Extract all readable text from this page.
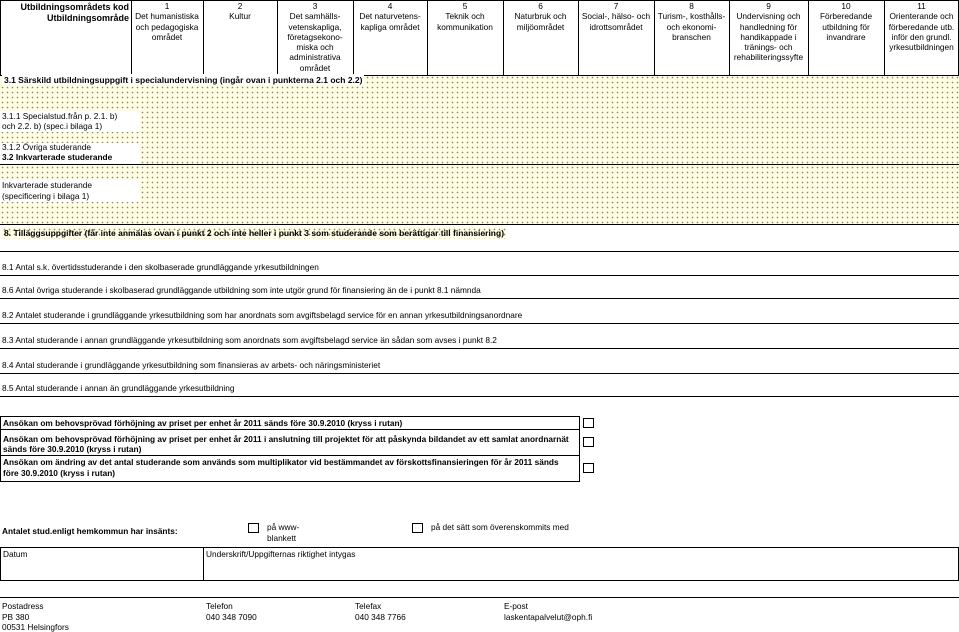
Utbildningsområdets kod
Utbildningsområde
1
Det humanistiska
och pedagogiska
området
2
Kultur
3
Det samhälls-
vetenskapliga,
företagsekono-
miska och
administrativa
området
4
Det naturvetens-
kapliga området
5
Teknik och
kommunikation
6
Naturbruk och
miljöområdet
7
Social-, hälso- och
idrottsområdet
8
Turism-, kosthålls-
och ekonomi-
branschen
9
Undervisning och
handledning för
handikappade i
tränings- och
rehabiliteringssyfte
10
Förberedande
utbildning för
invandrare
11
Orienterande och
förberedande utb.
inför den grundl.
yrkesutbildningen
3.1 Särskild utbildningsuppgift i specialundervisning (ingår ovan i punkterna 2.1 och 2.2)
3.1.1 Specialstud.från p. 2.1. b)
och 2.2. b) (spec.i bilaga 1)
3.1.2 Övriga studerande
3.2 Inkvarterade studerande
Inkvarterade studerande
(specificering i bilaga 1)
8. Tilläggsuppgifter (får inte anmälas ovan i punkt 2 och inte heller i punkt 3 som studerande som berättigar till finansiering)
8.1 Antal s.k. övertidsstuderande i den skolbaserade grundläggande yrkesutbildningen
8.6 Antal övriga studerande i skolbaserad grundläggande utbildning som inte utgör grund för finansiering än de i punkt 8.1 nämnda
8.2 Antalet studerande i grundläggande yrkesutbildning som har anordnats som avgiftsbelagd service för en annan yrkesutbildningsanordnare
8.3 Antal studerande i annan grundläggande yrkesutbildning som anordnats som avgiftsbelagd service än sådan som avses i punkt 8.2
8.4 Antal studerande i grundläggande yrkesutbildning som finansieras av arbets- och näringsministeriet
8.5 Antal studerande i annan än grundläggande yrkesutbildning
Ansökan om behovsprövad förhöjning av priset per enhet år 2011 sänds före 30.9.2010 (kryss i rutan)
Ansökan om behovsprövad förhöjning av priset per enhet år 2011 i anslutning till projektet för att påskynda bildandet av ett samlat anordnarnät
sänds före 30.9.2010 (kryss i rutan)
Ansökan om ändring av det antal studerande som används som multiplikator vid bestämmandet av förskottsfinansieringen för år 2011 sänds
före 30.9.2010 (kryss i rutan)
Antalet stud.enligt hemkommun har insänts:	på www-
blankett
på det sätt som överenskommits med
Datum	Underskrift/Uppgifternas riktighet intygas
Postadress
PB 380
00531 Helsingfors
Telefon
040 348 7090
Telefax
040 348 7766
E-post
laskentapalvelut@oph.fi
